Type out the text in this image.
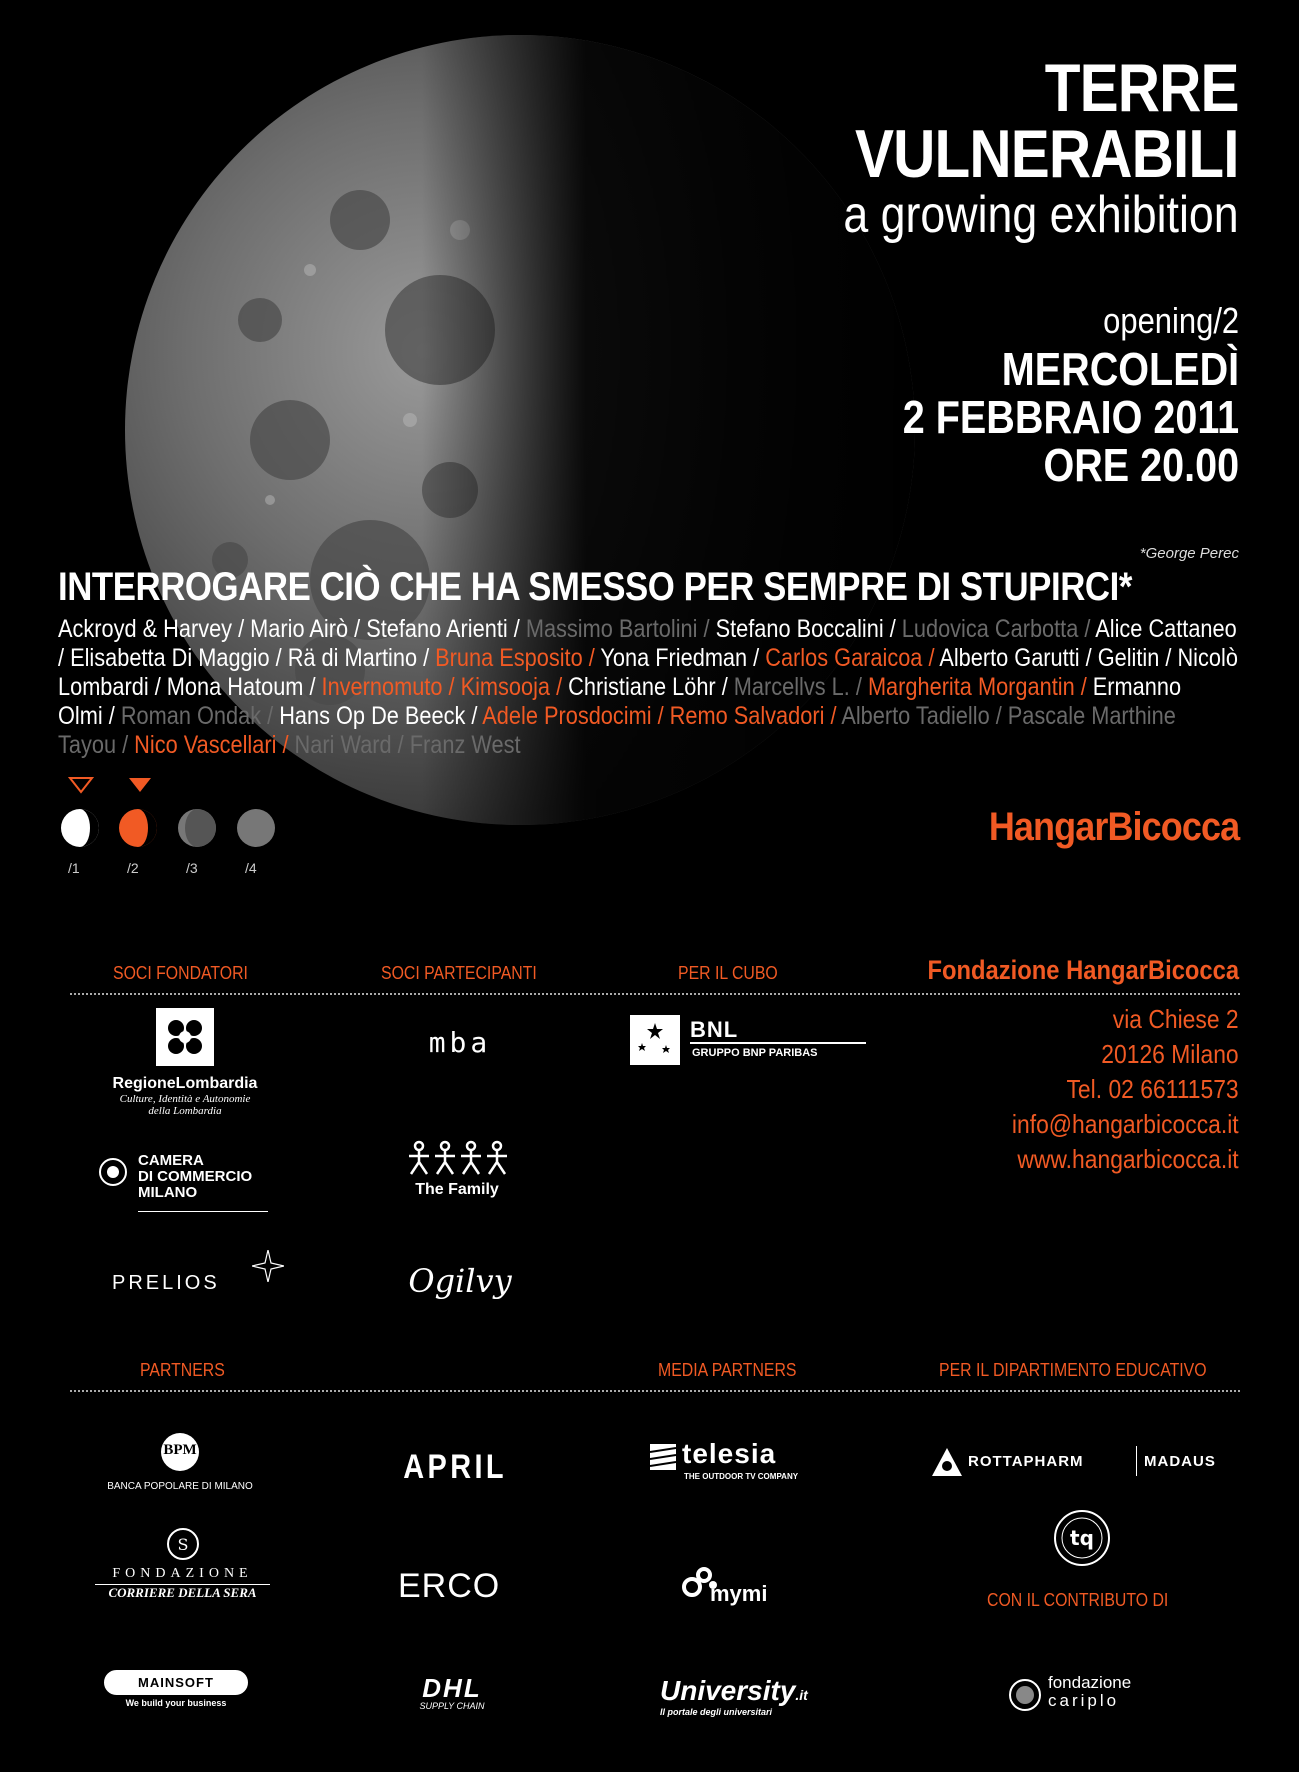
TERRE
VULNERABILI
a growing exhibition
opening/2
MERCOLEDÌ
2 FEBBRAIO 2011
ORE 20.00
*George Perec
INTERROGARE CIÒ CHE HA SMESSO PER SEMPRE DI STUPIRCI*
Ackroyd & Harvey / Mario Airò / Stefano Arienti / Massimo Bartolini / Stefano Boccalini / Ludovica Carbotta / Alice Cattaneo
/ Elisabetta Di Maggio / Rä di Martino / Bruna Esposito / Yona Friedman / Carlos Garaicoa / Alberto Garutti / Gelitin / Nicolò
Lombardi / Mona Hatoum / Invernomuto / Kimsooja / Christiane Löhr / Marcellvs L. / Margherita Morgantin / Ermanno
Olmi / Roman Ondak / Hans Op De Beeck / Adele Prosdocimi / Remo Salvadori / Alberto Tadiello / Pascale Marthine
Tayou / Nico Vascellari / Nari Ward / Franz West
/1	/2	/3	/4
HangarBicocca
SOCI FONDATORI	SOCI PARTECIPANTI	PER IL CUBO	Fondazione HangarBicocca
via Chiese 2
20126 Milano
Tel. 02 66111573
info@hangarbicocca.it
www.hangarbicocca.it
RegioneLombardia
Culture, Identità e Autonomie
della Lombardia
CAMERA
DI COMMERCIO
MILANO
PRELIOS
mba
The Family
Ogilvy
BNL
GRUPPO BNP PARIBAS
PARTNERS	MEDIA PARTNERS	PER IL DIPARTIMENTO EDUCATIVO
BPM
BANCA POPOLARE DI MILANO
S
FONDAZIONE
CORRIERE DELLA SERA
MAINSOFT
We build your business
APRIL
ERCO
DHL
SUPPLY CHAIN
telesia
THE OUTDOOR TV COMPANY
mymi
University.it
Il portale degli universitari
ROTTAPHARM	MADAUS
tq
CON IL CONTRIBUTO DI
fondazione
cariplo
